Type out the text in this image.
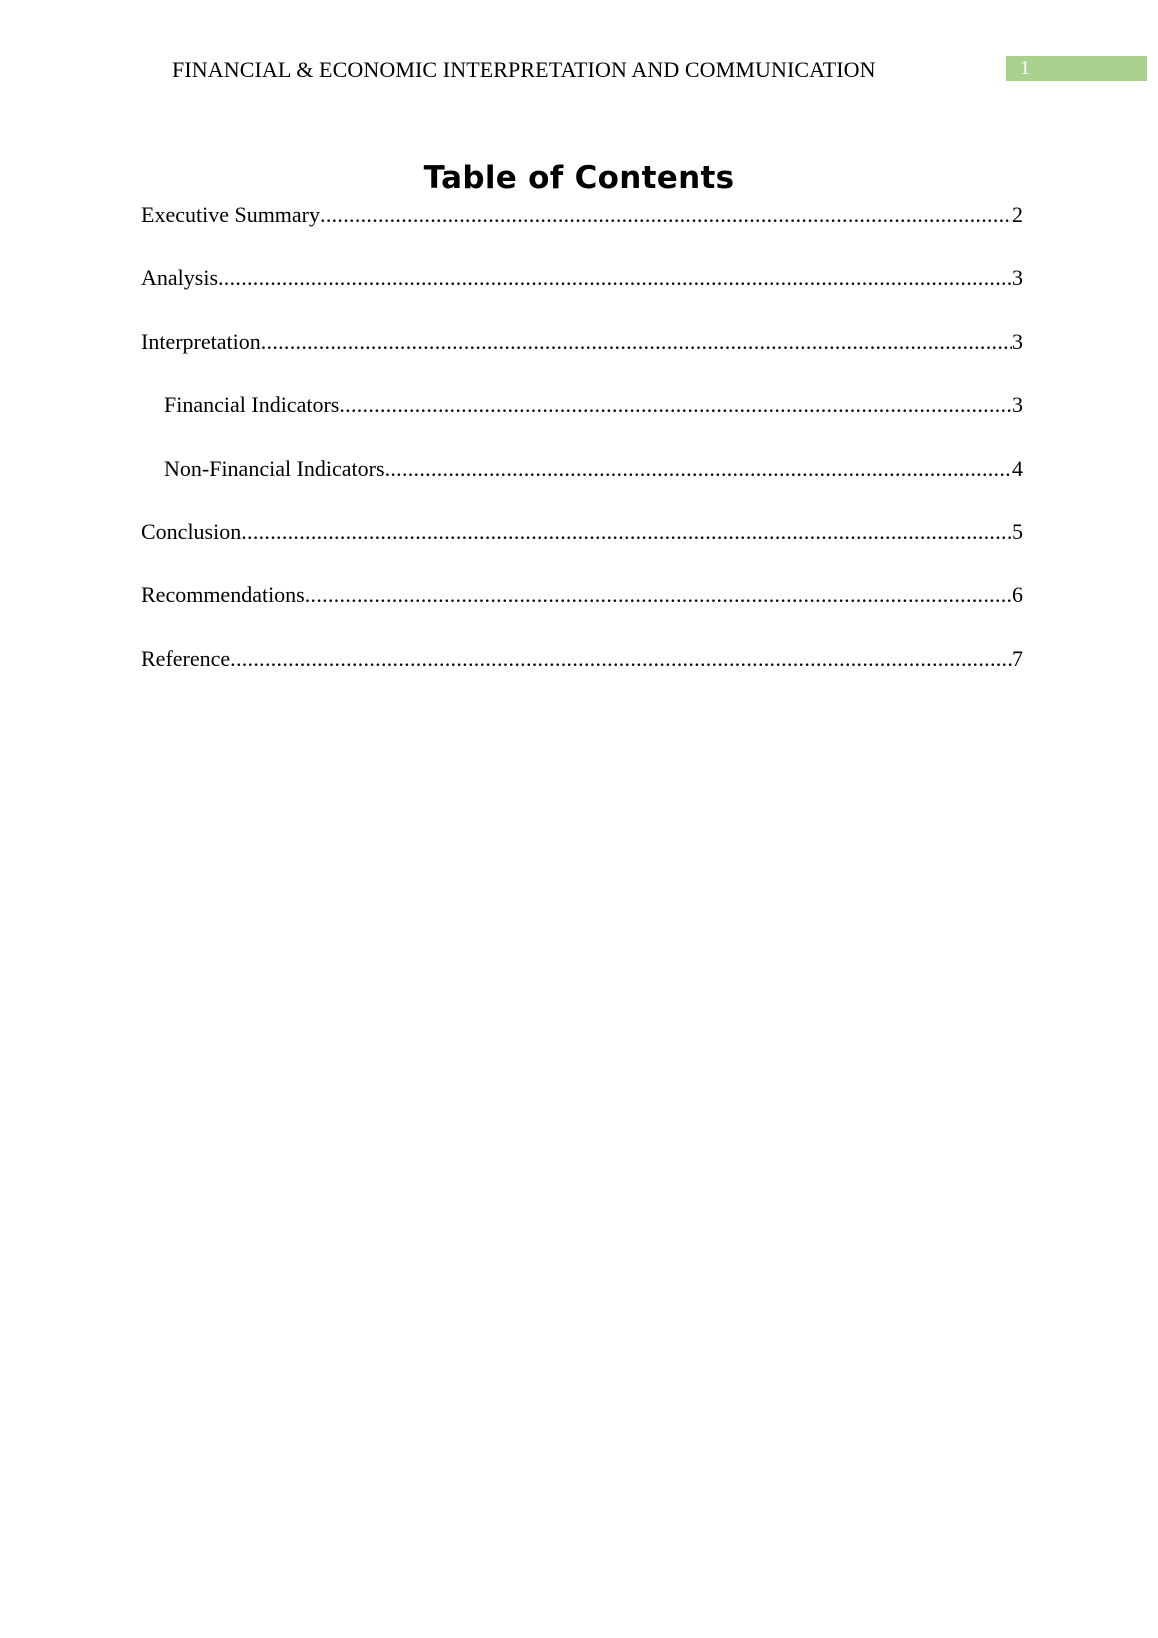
FINANCIAL & ECONOMIC INTERPRETATION AND COMMUNICATION	1
Table of Contents
Executive Summary .....	2
Analysis .....	3
Interpretation .....	3
Financial Indicators .....	3
Non-Financial Indicators .....	4
Conclusion .....	5
Recommendations .....	6
Reference .....	7
